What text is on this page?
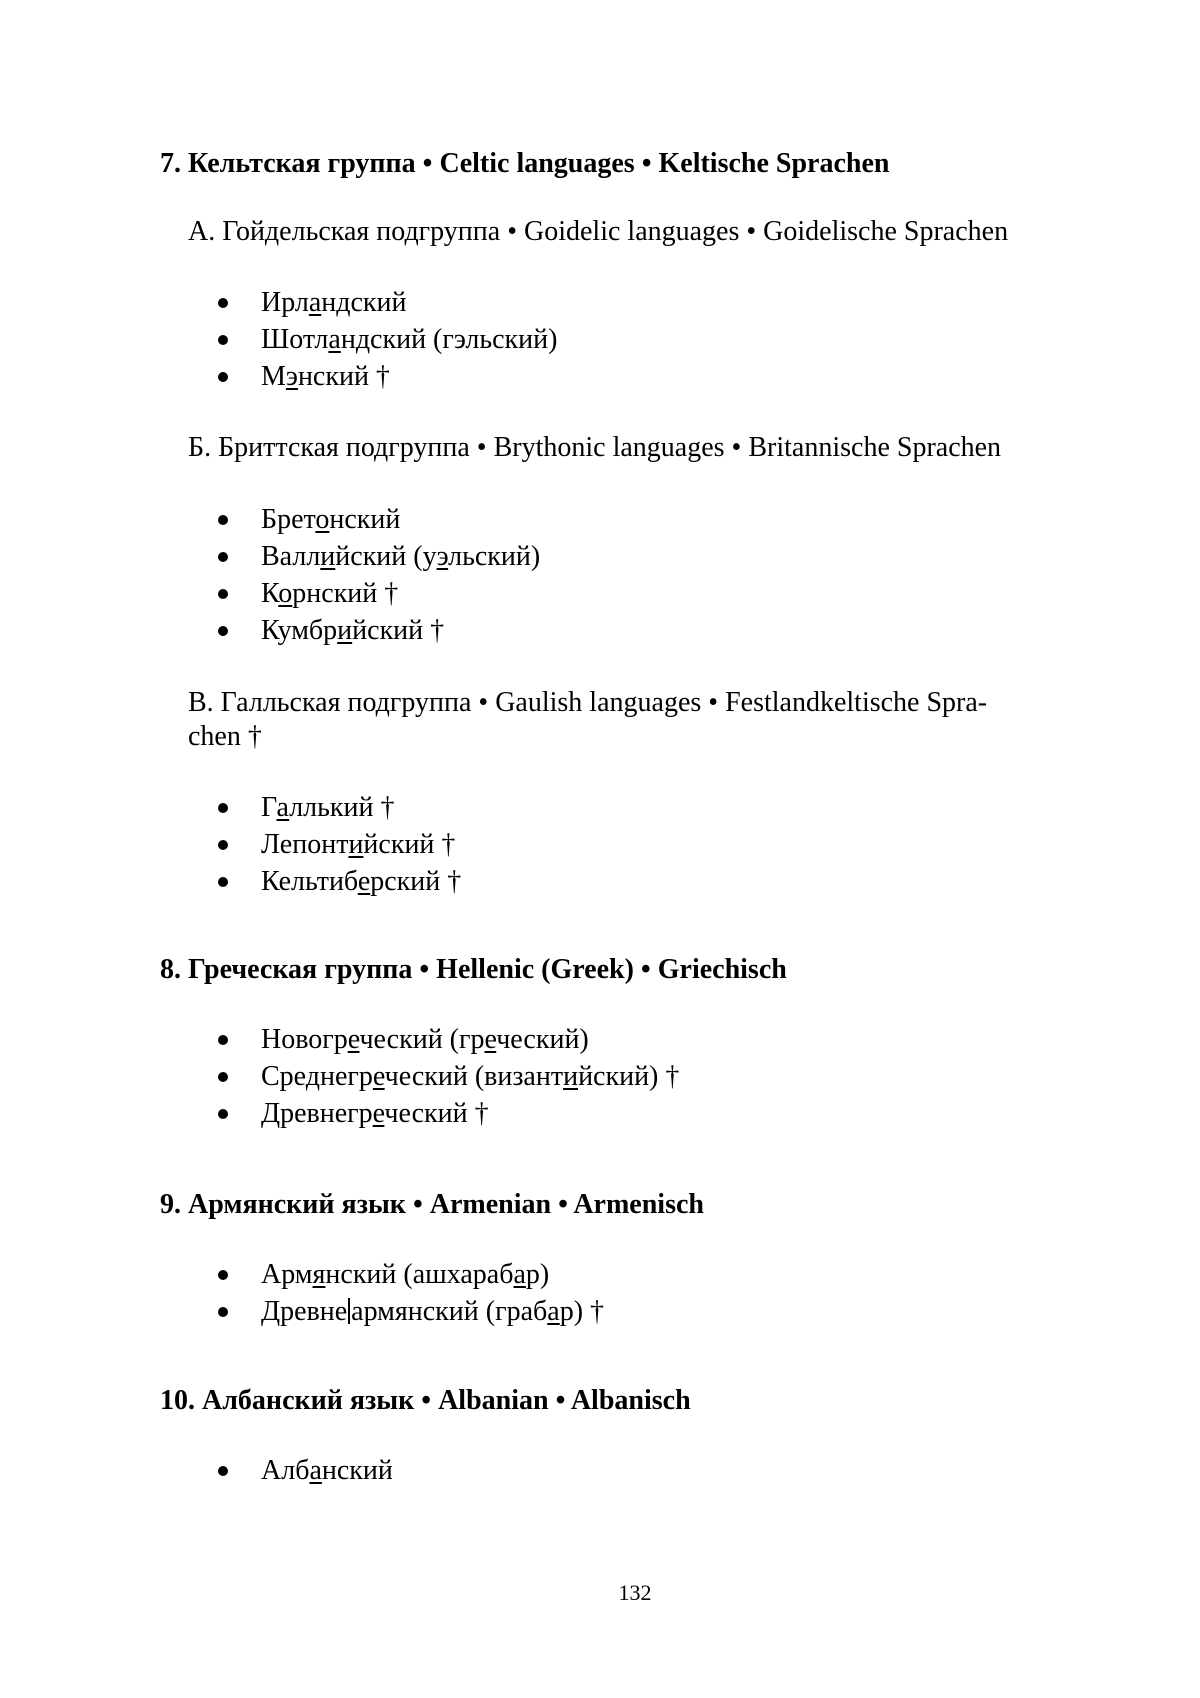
7. Кельтская группа • Celtic languages • Keltische Sprachen

А. Гойдельская подгруппа • Goidelic languages • Goidelische Sprachen

Ирландский
Шотландский (гэльский)
Мэнский †

Б. Бриттская подгруппа • Brythonic languages • Britannische Sprachen

Бретонский
Валлийский (уэльский)
Корнский †
Кумбрийский †
В. Галльская подгруппа • Gaulish languages • Festlandkeltische Spra-
chen †
Галлький †
Лепонтийский †
Кельтиберский †
8. Греческая группа • Hellenic (Greek) • Griechisch
Новогреческий (греческий)
Среднегреческий (византийский) †
Древнегреческий †
9. Армянский язык • Armenian • Armenisch
Армянский (ашхарабар)
Древне армянский (грабар) †
10. Албанский язык • Albanian • Albanisch
Албанский
132
